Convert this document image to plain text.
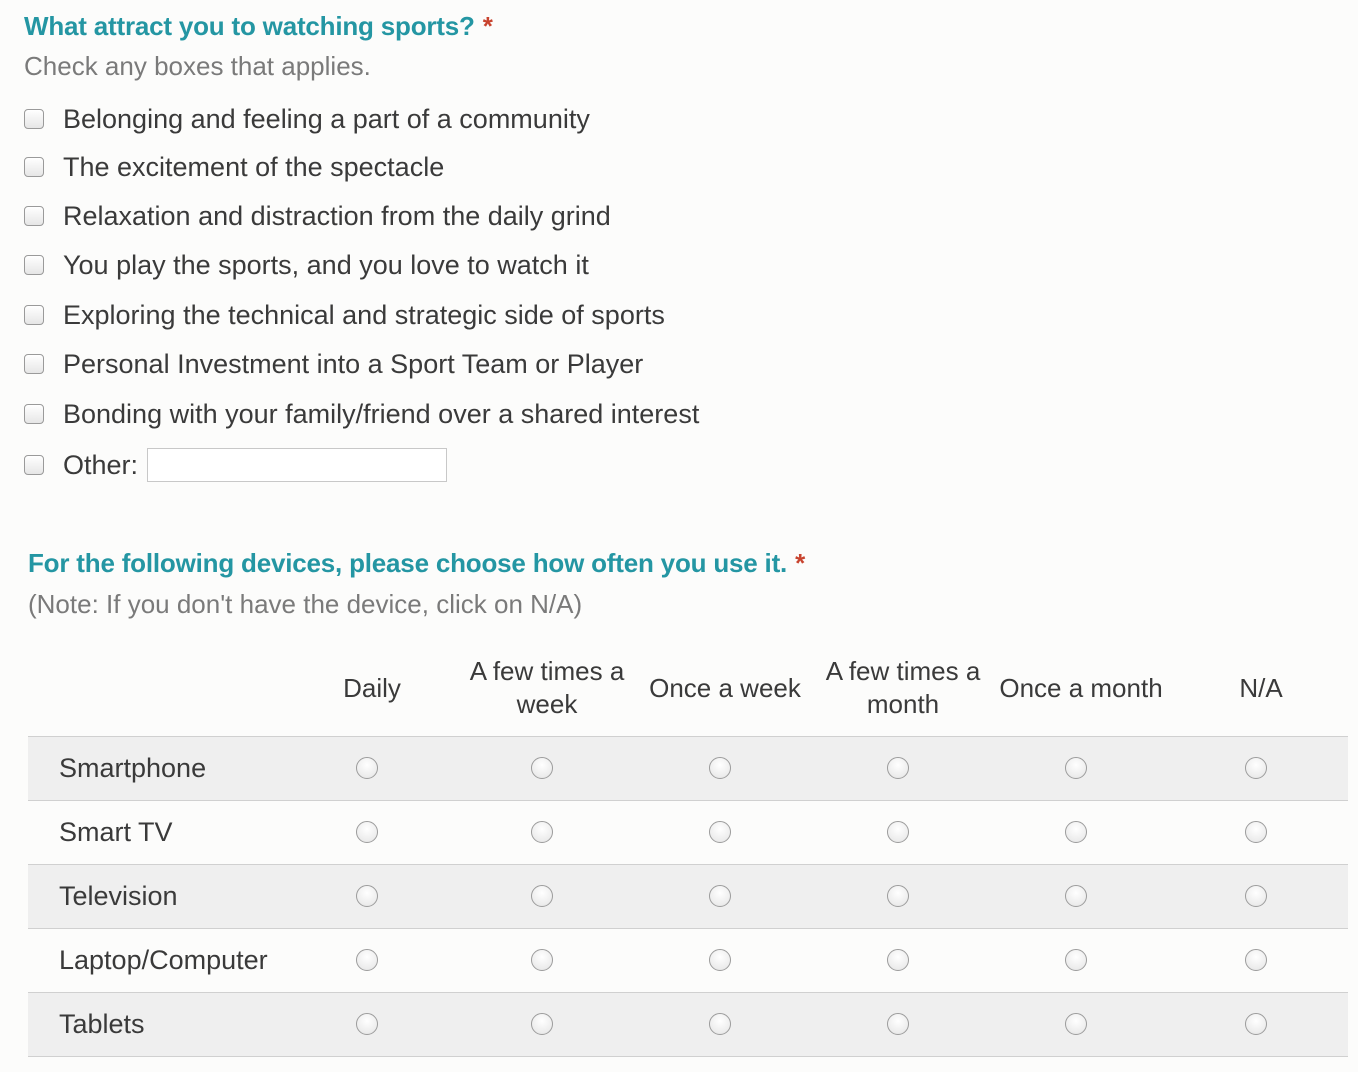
What attract you to watching sports? *
Check any boxes that applies.
Belonging and feeling a part of a community
The excitement of the spectacle
Relaxation and distraction from the daily grind
You play the sports, and you love to watch it
Exploring the technical and strategic side of sports
Personal Investment into a Sport Team or Player
Bonding with your family/friend over a shared interest
Other:
For the following devices, please choose how often you use it. *
(Note: If you don't have the device, click on N/A)
Daily
A few times a week
Once a week
A few times a month
Once a month	N/A
Smartphone
Smart TV
Television
Laptop/Computer
Tablets
